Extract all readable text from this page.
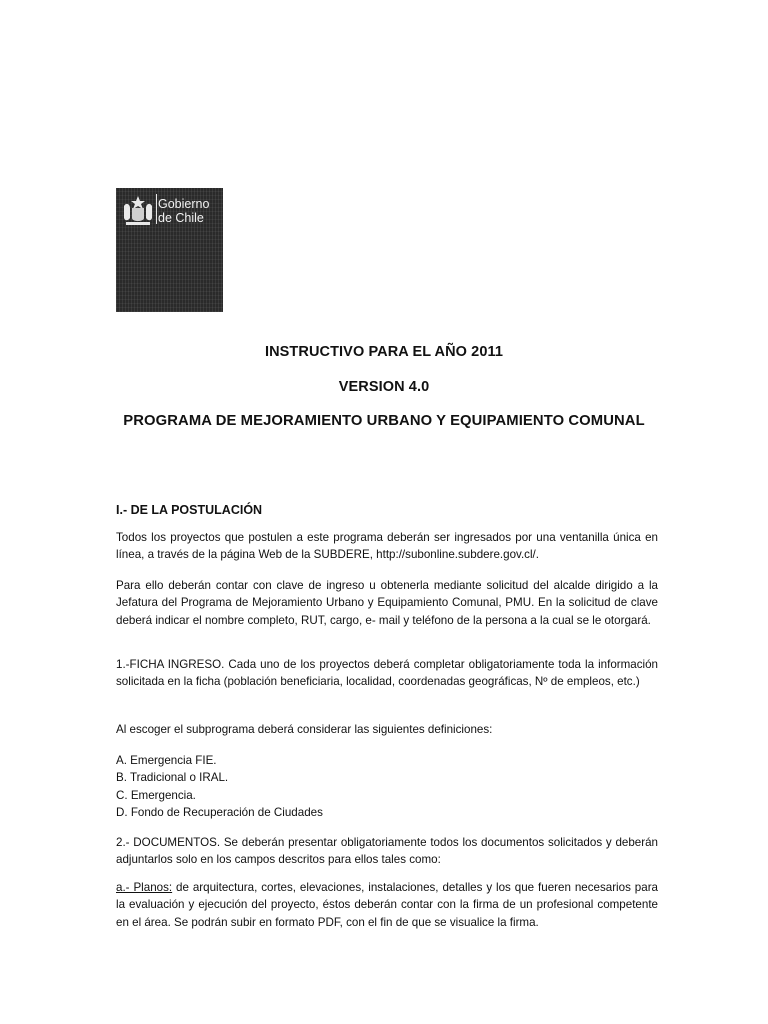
Gobierno
de Chile
INSTRUCTIVO PARA EL AÑO 2011
VERSION 4.0
PROGRAMA DE MEJORAMIENTO URBANO Y EQUIPAMIENTO COMUNAL
I.- DE LA POSTULACIÓN

Todos los proyectos que postulen a este programa deberán ser ingresados por una ventanilla única en línea, a través de la página Web de la SUBDERE, http://subonline.subdere.gov.cl/.

Para ello deberán contar con clave de ingreso u obtenerla mediante solicitud del alcalde dirigido a la Jefatura del Programa de Mejoramiento Urbano y Equipamiento Comunal, PMU. En la solicitud de clave deberá indicar el nombre completo, RUT, cargo, e- mail y teléfono de la persona a la cual se le otorgará.

1.-FICHA INGRESO. Cada uno de los proyectos deberá completar obligatoriamente toda la información solicitada en la ficha (población beneficiaria, localidad, coordenadas geográficas, Nº de empleos, etc.)

Al escoger el subprograma deberá considerar las siguientes definiciones:

A. Emergencia FIE.
B. Tradicional o IRAL.
C. Emergencia.
D. Fondo de Recuperación de Ciudades

2.- DOCUMENTOS. Se deberán presentar obligatoriamente todos los documentos solicitados y deberán adjuntarlos solo en los campos descritos para ellos tales como:

a.- Planos: de arquitectura, cortes, elevaciones, instalaciones, detalles y los que fueren necesarios para la evaluación y ejecución del proyecto, éstos deberán contar con la firma de un profesional competente en el área. Se podrán subir en formato PDF, con el fin de que se visualice la firma.
